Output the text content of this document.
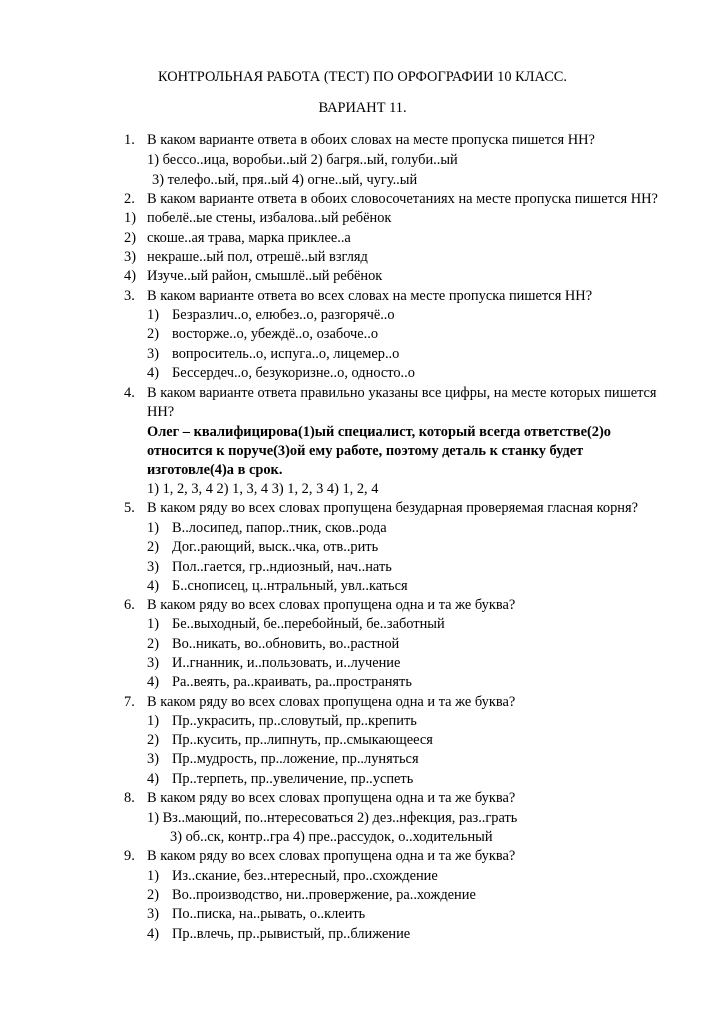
КОНТРОЛЬНАЯ РАБОТА (ТЕСТ) ПО ОРФОГРАФИИ 10 КЛАСС.
ВАРИАНТ 11.
1. В каком варианте ответа в обоих словах на месте пропуска пишется НН?
1) бессо..ица, воробьи..ый 2) багря..ый, голуби..ый
3) телефо..ый, пря..ый 4) огне..ый, чугу..ый
2. В каком варианте ответа в обоих словосочетаниях на месте пропуска пишется НН?
1) побелё..ые стены, избалова..ый ребёнок
2) скоше..ая трава, марка приклее..а
3) некраше..ый пол, отрешё..ый взгляд
4) Изуче..ый район, смышлё..ый ребёнок
3. В каком варианте ответа во всех словах на месте пропуска пишется НН?
1) Безразлич..о, елюбез..о, разгорячё..о
2) восторже..о, убеждё..о, озабоче..о
3) вопроситель..о, испуга..о, лицемер..о
4) Бессердеч..о, безукоризне..о, односто..о
4. В каком варианте ответа правильно указаны все цифры, на месте которых пишется
НН?
Олег – квалифицирова(1)ый специалист, который всегда ответстве(2)о
относится к поруче(3)ой ему работе, поэтому деталь к станку будет
изготовле(4)а в срок.
1) 1, 2, 3, 4 2) 1, 3, 4 3) 1, 2, 3 4) 1, 2, 4
5. В каком ряду во всех словах пропущена безударная проверяемая гласная корня?
1) В..лосипед, папор..тник, сков..рода
2) Дог..рающий, выск..чка, отв..рить
3) Пол..гается, гр..ндиозный, нач..нать
4) Б..снописец, ц..нтральный, увл..каться
6. В каком ряду во всех словах пропущена одна и та же буква?
1) Бе..выходный, бе..перебойный, бе..заботный
2) Во..никать, во..обновить, во..растной
3) И..гнанник, и..пользовать, и..лучение
4) Ра..веять, ра..краивать, ра..пространять
7. В каком ряду во всех словах пропущена одна и та же буква?
1) Пр..украсить, пр..словутый, пр..крепить
2) Пр..кусить, пр..липнуть, пр..смыкающееся
3) Пр..мудрость, пр..ложение, пр..луняться
4) Пр..терпеть, пр..увеличение, пр..успеть
8. В каком ряду во всех словах пропущена одна и та же буква?
1) Вз..мающий, по..нтересоваться 2) дез..нфекция, раз..грать
3) об..ск, контр..гра 4) пре..рассудок, о..ходительный
9. В каком ряду во всех словах пропущена одна и та же буква?
1) Из..скание, без..нтересный, про..схождение
2) Во..производство, ни..провержение, ра..хождение
3) По..писка, на..рывать, о..клеить
4) Пр..влечь, пр..рывистый, пр..ближение
